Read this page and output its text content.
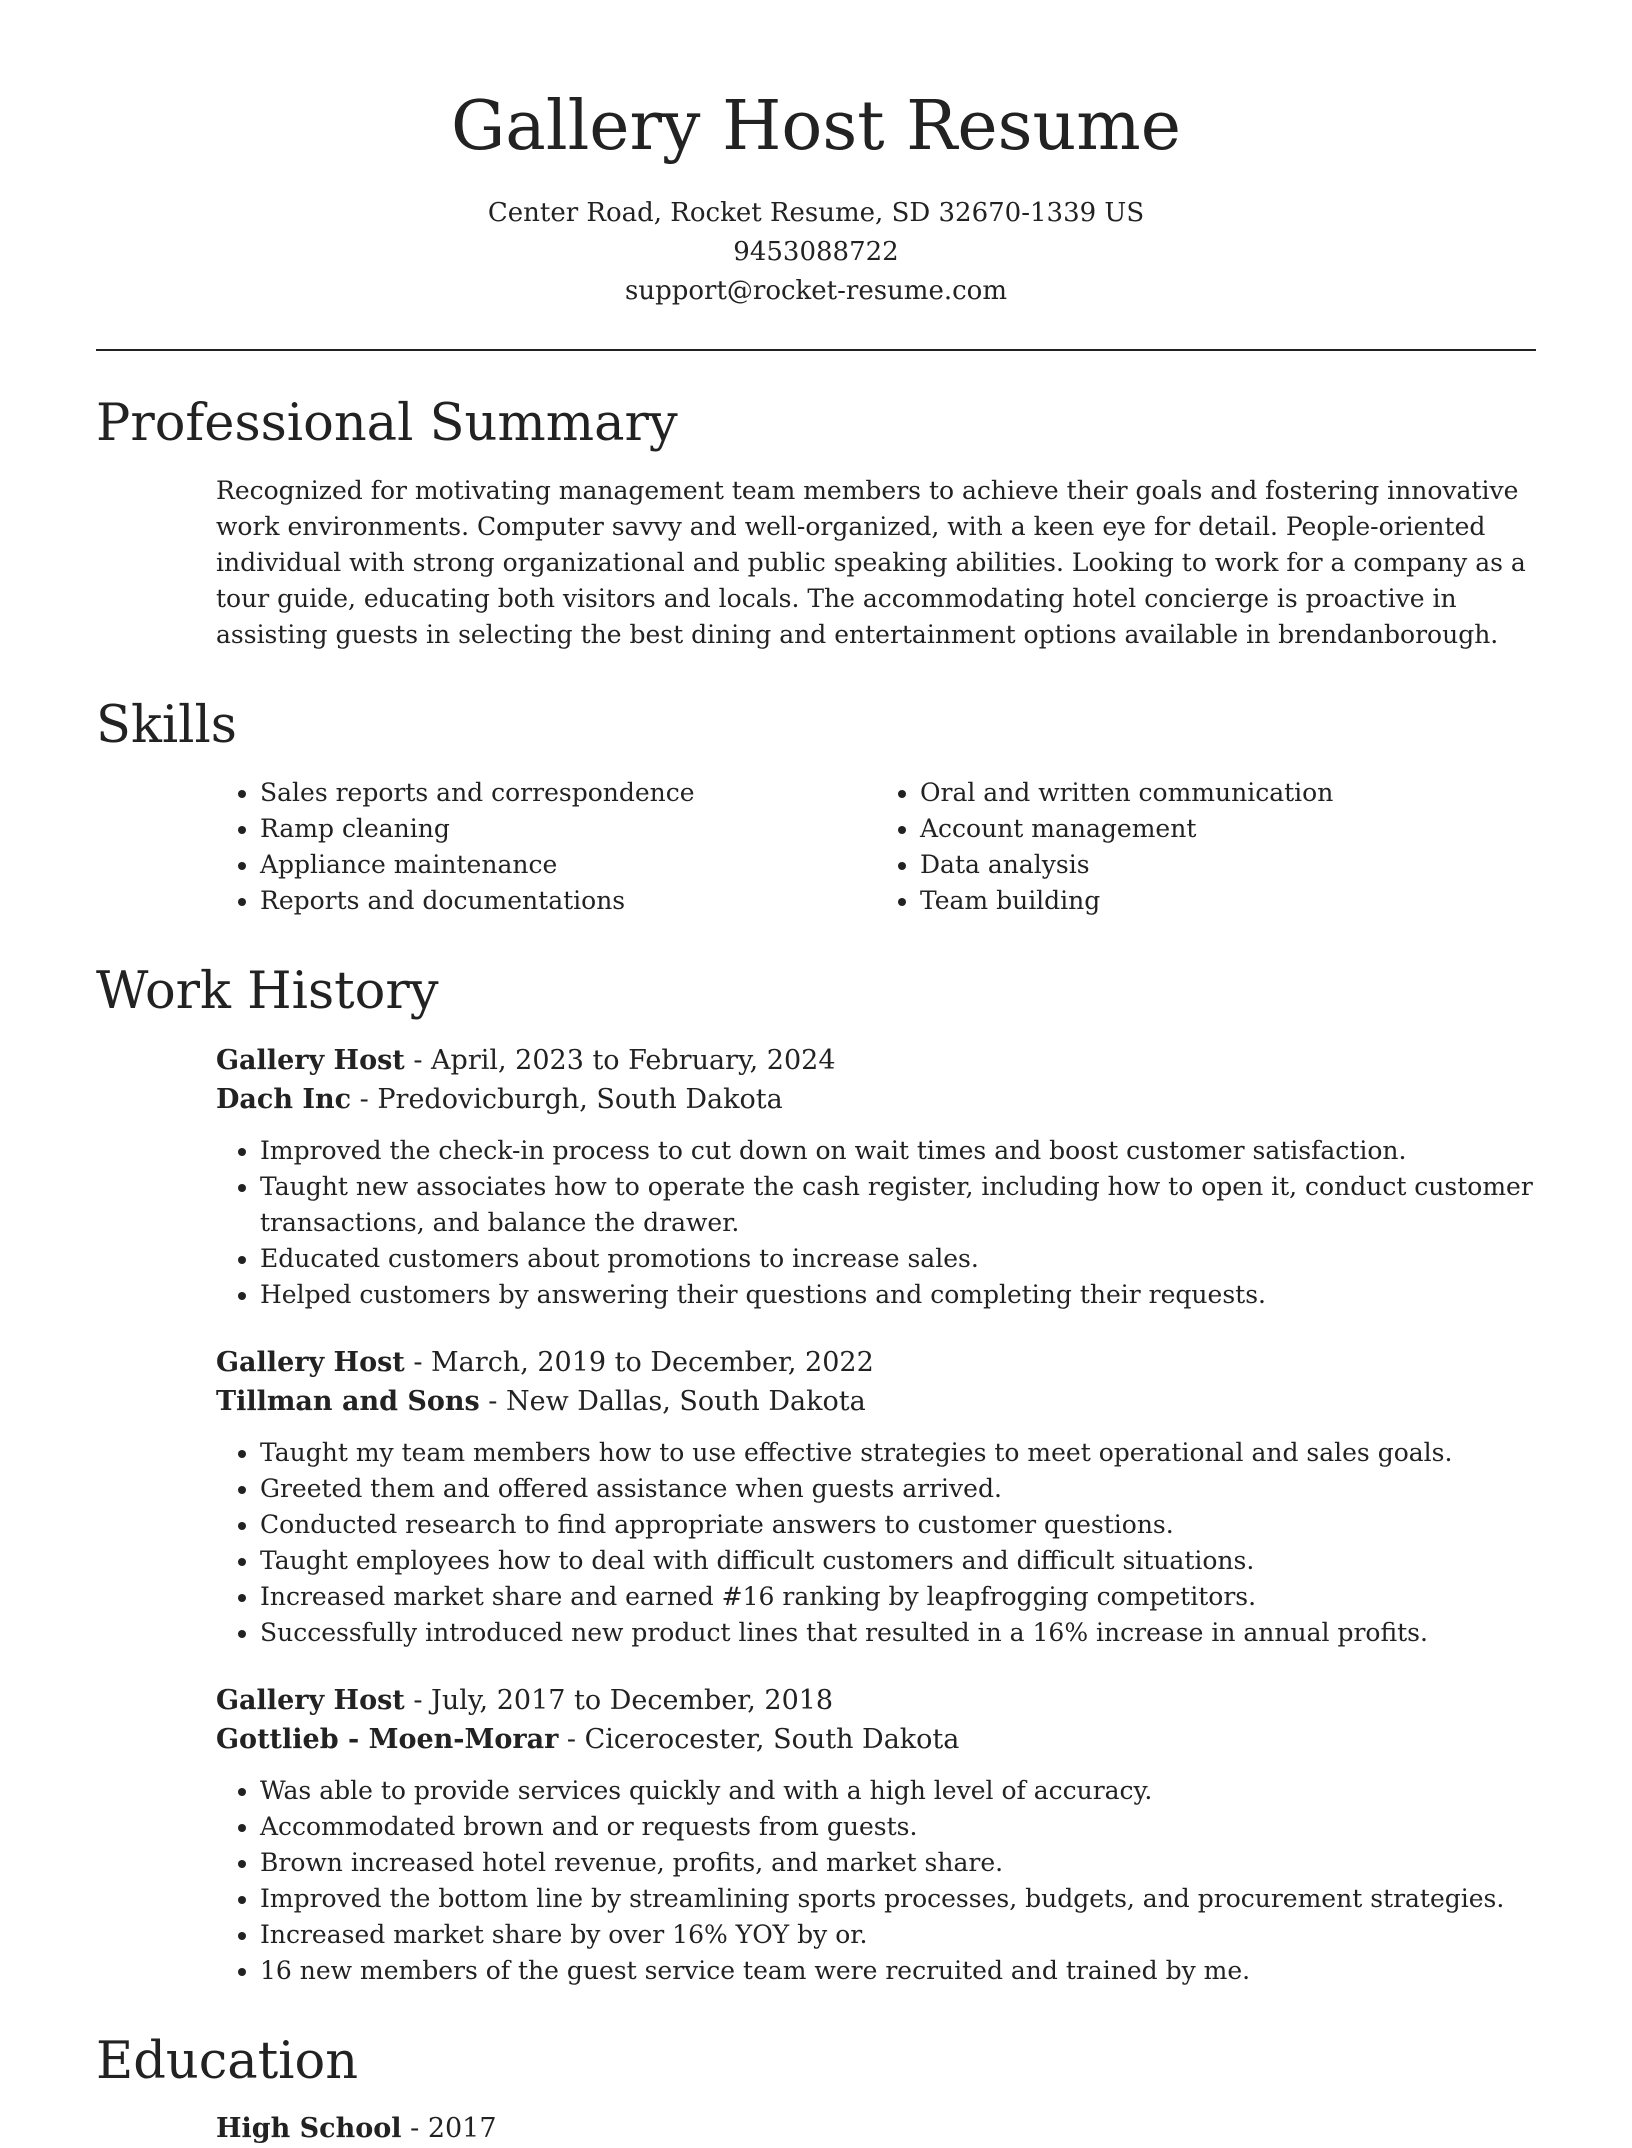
Gallery Host Resume
Center Road, Rocket Resume, SD 32670-1339 US
9453088722
support@rocket-resume.com
Professional Summary

Recognized for motivating management team members to achieve their goals and fostering innovative work environments. Computer savvy and well-organized, with a keen eye for detail. People-oriented individual with strong organizational and public speaking abilities. Looking to work for a company as a tour guide, educating both visitors and locals. The accommodating hotel concierge is proactive in assisting guests in selecting the best dining and entertainment options available in brendanborough.

Skills
• Sales reports and correspondence
• Ramp cleaning
• Appliance maintenance
• Reports and documentations
• Oral and written communication
• Account management
• Data analysis
• Team building
Work History
Gallery Host - April, 2023 to February, 2024
Dach Inc - Predovicburgh, South Dakota
• Improved the check-in process to cut down on wait times and boost customer satisfaction.
• Taught new associates how to operate the cash register, including how to open it, conduct customer transactions, and balance the drawer.
• Educated customers about promotions to increase sales.
• Helped customers by answering their questions and completing their requests.
Gallery Host - March, 2019 to December, 2022
Tillman and Sons - New Dallas, South Dakota
• Taught my team members how to use effective strategies to meet operational and sales goals.
• Greeted them and offered assistance when guests arrived.
• Conducted research to find appropriate answers to customer questions.
• Taught employees how to deal with difficult customers and difficult situations.
• Increased market share and earned #16 ranking by leapfrogging competitors.
• Successfully introduced new product lines that resulted in a 16% increase in annual profits.
Gallery Host - July, 2017 to December, 2018
Gottlieb - Moen-Morar - Cicerocester, South Dakota
• Was able to provide services quickly and with a high level of accuracy.
• Accommodated brown and or requests from guests.
• Brown increased hotel revenue, profits, and market share.
• Improved the bottom line by streamlining sports processes, budgets, and procurement strategies.
• Increased market share by over 16% YOY by or.
• 16 new members of the guest service team were recruited and trained by me.
Education
High School - 2017
